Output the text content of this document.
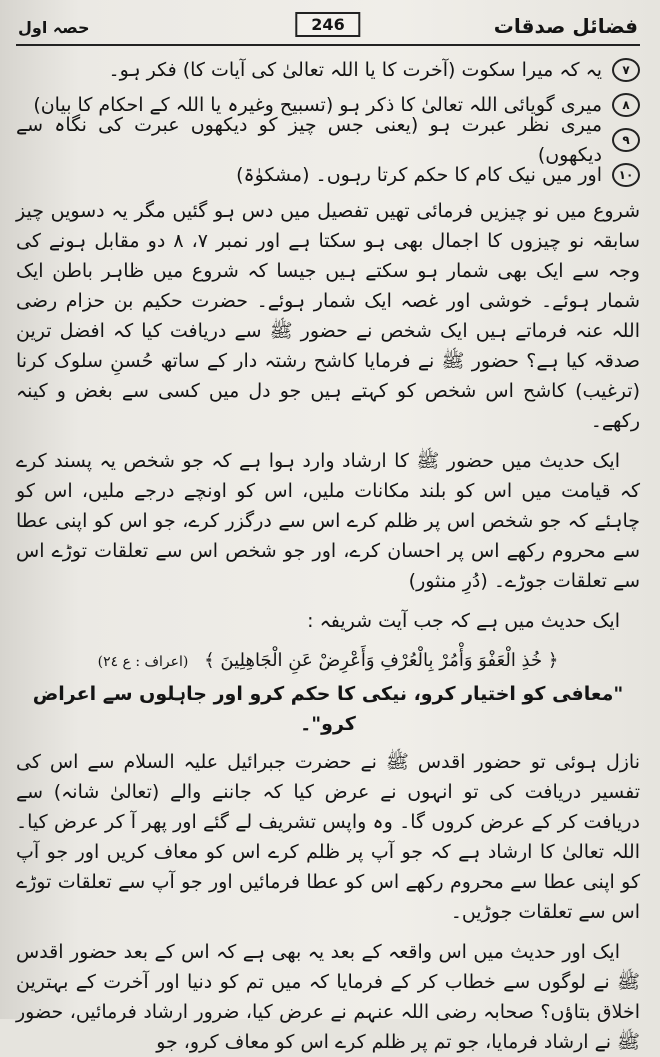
فضائل صدقات
246
حصہ اول
٧
یہ کہ میرا سکوت (آخرت کا یا اللہ تعالیٰ کی آیات کا) فکر ہو۔
٨
میری گویائی اللہ تعالیٰ کا ذکر ہو (تسبیح وغیرہ یا اللہ کے احکام کا بیان)
٩
میری نظر عبرت ہو (یعنی جس چیز کو دیکھوں عبرت کی نگاہ سے دیکھوں)
١٠
اور میں نیک کام کا حکم کرتا رہوں۔ (مشکوٰۃ)

شروع میں نو چیزیں فرمائی تھیں تفصیل میں دس ہو گئیں مگر یہ دسویں چیز سابقہ نو چیزوں کا اجمال بھی ہو سکتا ہے اور نمبر ٧، ٨ دو مقابل ہونے کی وجہ سے ایک بھی شمار ہو سکتے ہیں جیسا کہ شروع میں ظاہر باطن ایک شمار ہوئے۔ خوشی اور غصہ ایک شمار ہوئے۔ حضرت حکیم بن حزام رضی اللہ عنہ فرماتے ہیں ایک شخص نے حضور ﷺ سے دریافت کیا کہ افضل ترین صدقہ کیا ہے؟ حضور ﷺ نے فرمایا کاشح رشتہ دار کے ساتھ حُسنِ سلوک کرنا (ترغیب) کاشح اس شخص کو کہتے ہیں جو دل میں کسی سے بغض و کینہ رکھے۔

ایک حدیث میں حضور ﷺ کا ارشاد وارد ہوا ہے کہ جو شخص یہ پسند کرے کہ قیامت میں اس کو بلند مکانات ملیں، اس کو اونچے درجے ملیں، اس کو چاہئے کہ جو شخص اس پر ظلم کرے اس سے درگزر کرے، جو اس کو اپنی عطا سے محروم رکھے اس پر احسان کرے، اور جو شخص اس سے تعلقات توڑے اس سے تعلقات جوڑے۔ (دُرِ منثور)

ایک حدیث میں ہے کہ جب آیت شریفہ :

﴿ خُذِ الْعَفْوَ وَأْمُرْ بِالْعُرْفِ وَأَعْرِضْ عَنِ الْجَاهِلِينَ ﴾ (اعراف : ع ٢٤)
"معافی کو اختیار کرو، نیکی کا حکم کرو اور جاہلوں سے اعراض کرو"۔

نازل ہوئی تو حضور اقدس ﷺ نے حضرت جبرائیل علیہ السلام سے اس کی تفسیر دریافت کی تو انہوں نے عرض کیا کہ جاننے والے (تعالیٰ شانہ) سے دریافت کر کے عرض کروں گا۔ وہ واپس تشریف لے گئے اور پھر آ کر عرض کیا۔ اللہ تعالیٰ کا ارشاد ہے کہ جو آپ پر ظلم کرے اس کو معاف کریں اور جو آپ کو اپنی عطا سے محروم رکھے اس کو عطا فرمائیں اور جو آپ سے تعلقات توڑے اس سے تعلقات جوڑیں۔

ایک اور حدیث میں اس واقعہ کے بعد یہ بھی ہے کہ اس کے بعد حضور اقدس ﷺ نے لوگوں سے خطاب کر کے فرمایا کہ میں تم کو دنیا اور آخرت کے بہترین اخلاق بتاؤں؟ صحابہ رضی اللہ عنہم نے عرض کیا، ضرور ارشاد فرمائیں، حضور ﷺ نے ارشاد فرمایا، جو تم پر ظلم کرے اس کو معاف کرو، جو
